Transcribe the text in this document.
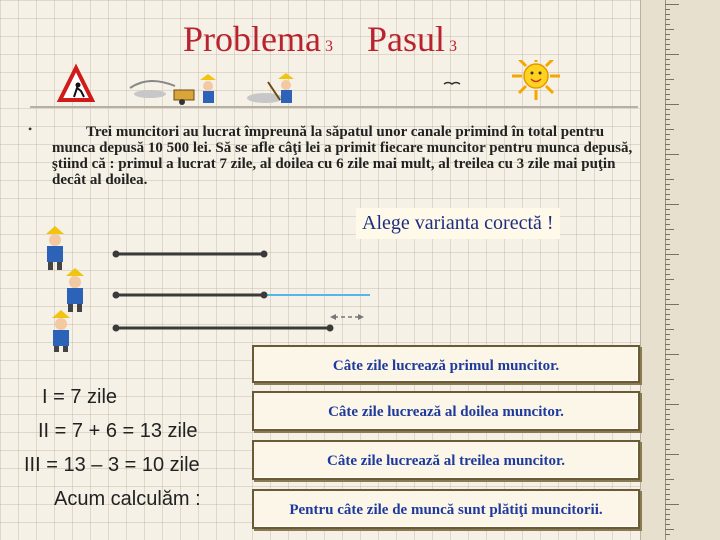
Problema 3 Pasul 3
•	Trei muncitori au lucrat împreună la săpatul unor canale primind în total pentru munca depusă 10 500 lei. Să se afle câţi lei a primit fiecare muncitor pentru munca depusă, ştiind că : primul a lucrat 7 zile, al doilea cu 6 zile mai mult, al treilea cu 3 zile mai puţin decât al doilea.
Alege varianta corectă !
I = 7 zile
II = 7 + 6 = 13 zile
III = 13 – 3 = 10 zile
Acum calculăm :
Câte zile lucrează primul muncitor.
Câte zile lucrează al doilea muncitor.
Câte zile lucrează al treilea muncitor.
Pentru câte zile de muncă sunt plătiţi muncitorii.
